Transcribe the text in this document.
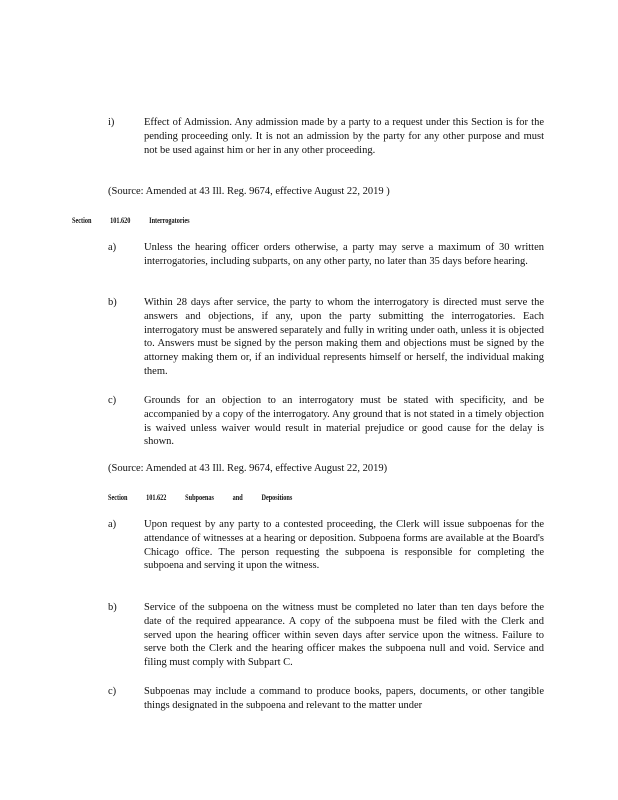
i)	Effect of Admission. Any admission made by a party to a request under this Section is for the pending proceeding only. It is not an admission by the party for any other purpose and must not be used against him or her in any other proceeding.
(Source: Amended at 43 Ill. Reg. 9674, effective August 22, 2019 )
Section 101.620 Interrogatories
a)	Unless the hearing officer orders otherwise, a party may serve a maximum of 30 written interrogatories, including subparts, on any other party, no later than 35 days before hearing.
b)	Within 28 days after service, the party to whom the interrogatory is directed must serve the answers and objections, if any, upon the party submitting the interrogatories. Each interrogatory must be answered separately and fully in writing under oath, unless it is objected to. Answers must be signed by the person making them and objections must be signed by the attorney making them or, if an individual represents himself or herself, the individual making them.
c)	Grounds for an objection to an interrogatory must be stated with specificity, and be accompanied by a copy of the interrogatory. Any ground that is not stated in a timely objection is waived unless waiver would result in material prejudice or good cause for the delay is shown.
(Source: Amended at 43 Ill. Reg. 9674, effective August 22, 2019)
Section 101.622 Subpoenas and Depositions
a)	Upon request by any party to a contested proceeding, the Clerk will issue subpoenas for the attendance of witnesses at a hearing or deposition. Subpoena forms are available at the Board's Chicago office. The person requesting the subpoena is responsible for completing the subpoena and serving it upon the witness.
b)	Service of the subpoena on the witness must be completed no later than ten days before the date of the required appearance. A copy of the subpoena must be filed with the Clerk and served upon the hearing officer within seven days after service upon the witness. Failure to serve both the Clerk and the hearing officer makes the subpoena null and void. Service and filing must comply with Subpart C.
c)	Subpoenas may include a command to produce books, papers, documents, or other tangible things designated in the subpoena and relevant to the matter under
